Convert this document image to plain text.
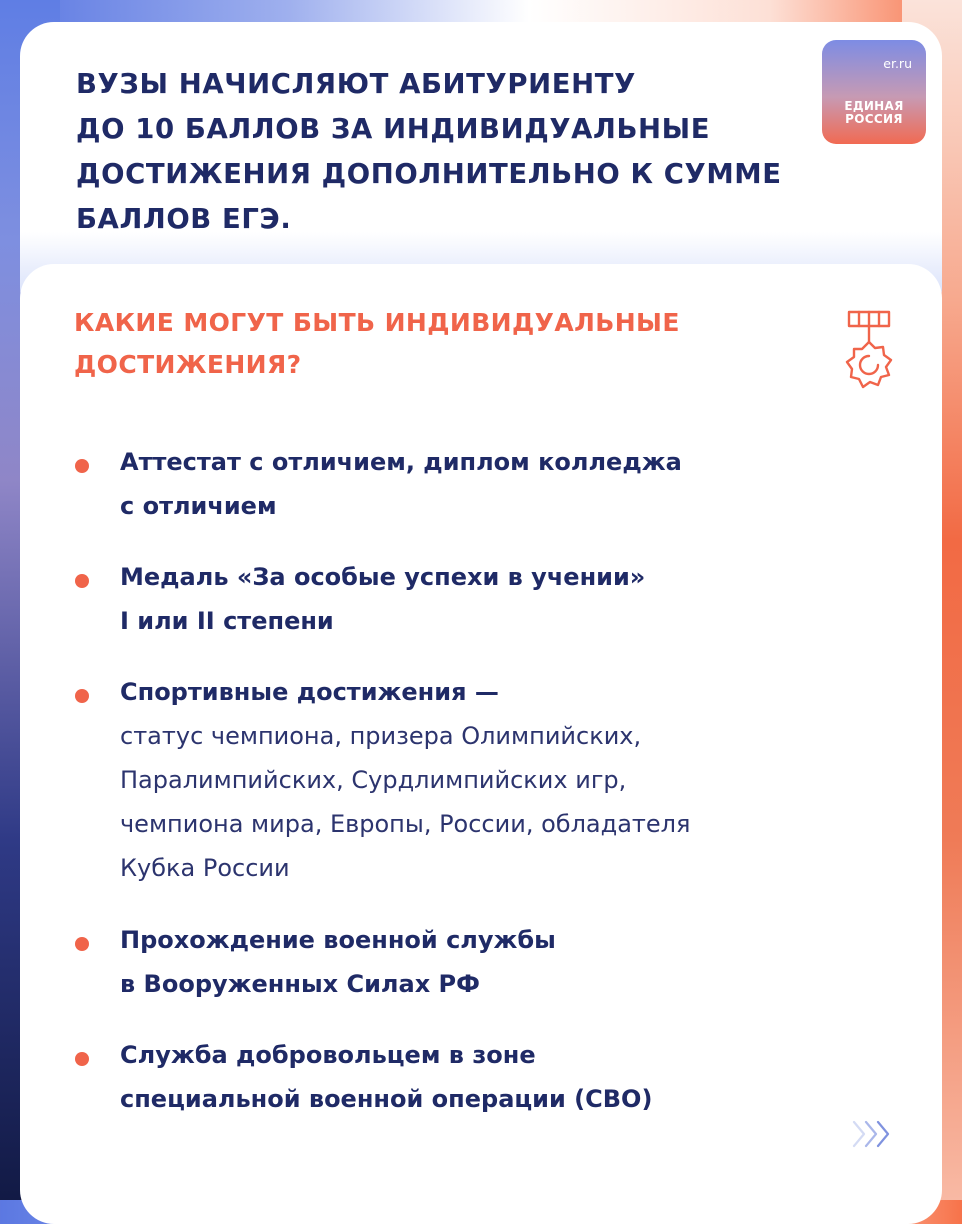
ВУЗЫ НАЧИСЛЯЮТ АБИТУРИЕНТУ
ДО 10 БАЛЛОВ ЗА ИНДИВИДУАЛЬНЫЕ
ДОСТИЖЕНИЯ ДОПОЛНИТЕЛЬНО К СУММЕ
БАЛЛОВ ЕГЭ.
er.ru
ЕДИНАЯ
РОССИЯ
КАКИЕ МОГУТ БЫТЬ ИНДИВИДУАЛЬНЫЕ
ДОСТИЖЕНИЯ?

Аттестат с отличием, диплом колледжа
с отличием

Медаль «За особые успехи в учении»
I или II степени

Спортивные достижения —

статус чемпиона, призера Олимпийских,
Паралимпийских, Сурдлимпийских игр,
чемпиона мира, Европы, России, обладателя
Кубка России

Прохождение военной службы
в Вооруженных Силах РФ

Служба добровольцем в зоне
специальной военной операции (СВО)
